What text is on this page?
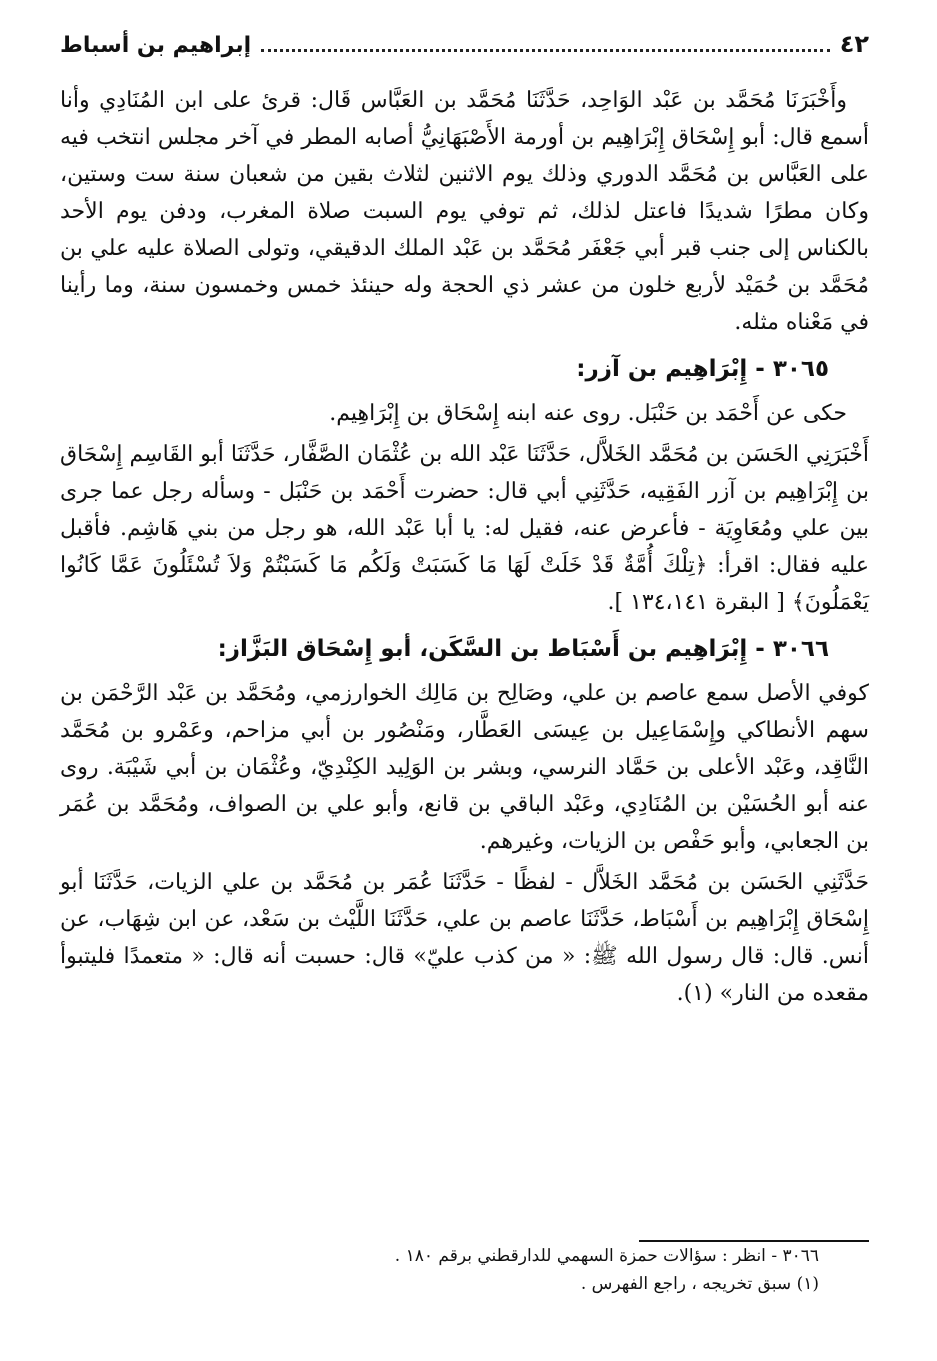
٤٢
إبراهيم بن أسباط

وأَخْبَرَنَا مُحَمَّد بن عَبْد الوَاحِد، حَدَّثَنَا مُحَمَّد بن العَبَّاس قَال: قرئ على ابن المُنَادِي وأنا أسمع قال: أبو إِسْحَاق إِبْرَاهِيم بن أورمة الأَصْبَهَانِيُّ أصابه المطر في آخر مجلس انتخب فيه على العَبَّاس بن مُحَمَّد الدوري وذلك يوم الاثنين لثلاث بقين من شعبان سنة ست وستين، وكان مطرًا شديدًا فاعتل لذلك، ثم توفي يوم السبت صلاة المغرب، ودفن يوم الأحد بالكناس إلى جنب قبر أبي جَعْفَر مُحَمَّد بن عَبْد الملك الدقيقي، وتولى الصلاة عليه علي بن مُحَمَّد بن حُمَيْد لأربع خلون من عشر ذي الحجة وله حينئذ خمس وخمسون سنة، وما رأينا في مَعْناه مثله.

٣٠٦٥ - إِبْرَاهِيم بن آزر:

حكى عن أَحْمَد بن حَنْبَل. روى عنه ابنه إِسْحَاق بن إِبْرَاهِيم.

أَخْبَرَنِي الحَسَن بن مُحَمَّد الخَلاَّل، حَدَّثَنَا عَبْد الله بن عُثْمَان الصَّفَّار، حَدَّثَنَا أبو القَاسِم إِسْحَاق بن إِبْرَاهِيم بن آزر الفَقِيه، حَدَّثَنِي أبي قال: حضرت أَحْمَد بن حَنْبَل - وسأله رجل عما جرى بين علي ومُعَاوِيَة - فأعرض عنه، فقيل له: يا أبا عَبْد الله، هو رجل من بني هَاشِم. فأقبل عليه فقال: اقرأ: ﴿تِلْكَ أُمَّةٌ قَدْ خَلَتْ لَهَا مَا كَسَبَتْ وَلَكُم مَا كَسَبْتُمْ وَلاَ تُسْئَلُونَ عَمَّا كَانُوا يَعْمَلُونَ﴾ [ البقرة ١٣٤،١٤١ ].

٣٠٦٦ - إِبْرَاهِيم بن أَسْبَاط بن السَّكَن، أبو إِسْحَاق البَزَّاز:

كوفي الأصل سمع عاصم بن علي، وصَالِح بن مَالِك الخوارزمي، ومُحَمَّد بن عَبْد الرَّحْمَن بن سهم الأنطاكي وإِسْمَاعِيل بن عِيسَى العَطَّار، ومَنْصُور بن أبي مزاحم، وعَمْرو بن مُحَمَّد النَّاقِد، وعَبْد الأعلى بن حَمَّاد النرسي، وبشر بن الوَلِيد الكِنْدِيّ، وعُثْمَان بن أبي شَيْبَة. روى عنه أبو الحُسَيْن بن المُنَادِي، وعَبْد الباقي بن قانع، وأبو علي بن الصواف، ومُحَمَّد بن عُمَر بن الجعابي، وأبو حَفْص بن الزيات، وغيرهم.

حَدَّثَنِي الحَسَن بن مُحَمَّد الخَلاَّل - لفظًا - حَدَّثَنَا عُمَر بن مُحَمَّد بن علي الزيات، حَدَّثَنَا أبو إِسْحَاق إِبْرَاهِيم بن أَسْبَاط، حَدَّثَنَا عاصم بن علي، حَدَّثَنَا اللَّيْث بن سَعْد، عن ابن شِهَاب، عن أنس. قال: قال رسول الله ﷺ: « من كذب عليّ» قال: حسبت أنه قال: « متعمدًا فليتبوأ مقعده من النار» (١).

٣٠٦٦ - انظر : سؤالات حمزة السهمي للدارقطني برقم ١٨٠ .

(١) سبق تخريجه ، راجع الفهرس .
